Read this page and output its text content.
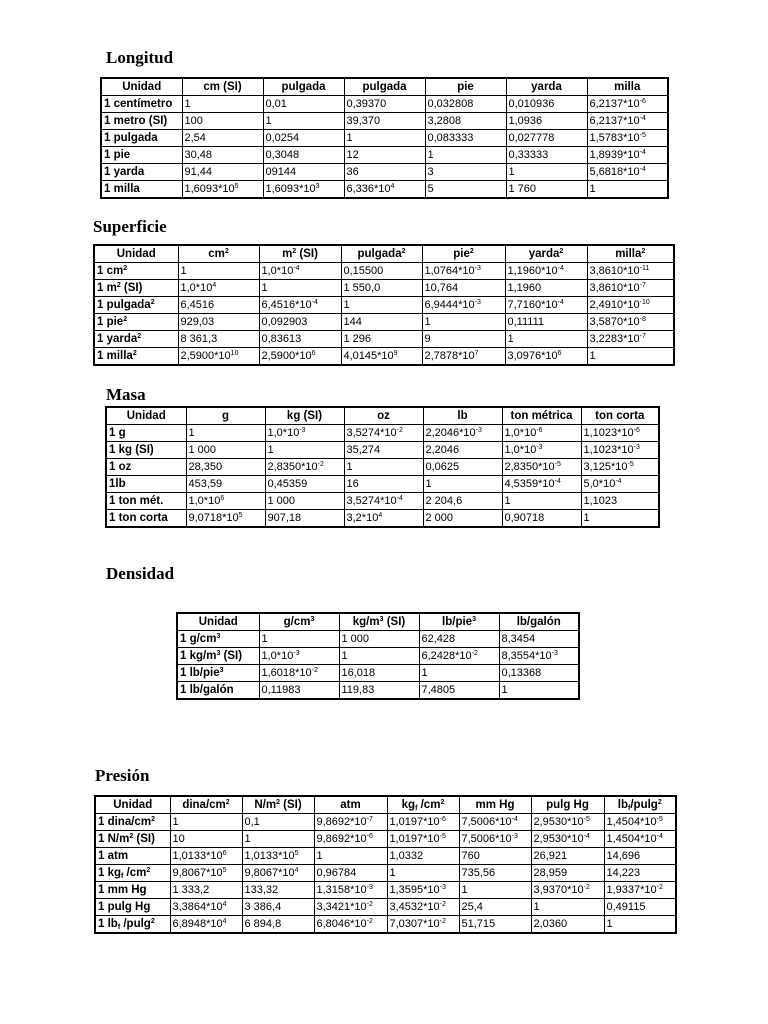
Longitud
Unidad	cm (SI)	pulgada	pulgada	pie	yarda	milla
1 centímetro	1	0,01	0,39370	0,032808	0,010936	$6,2137*10^{-6}$
1 metro (SI)	100	1	39,370	3,2808	1,0936	$6,2137*10^{-4}$
1 pulgada	2,54	0,0254	1	0,083333	0,027778	$1,5783*10^{-5}$
1 pie	30,48	0,3048	12	1	0,33333	$1,8939*10^{-4}$
1 yarda	91,44	09144	36	3	1	$5,6818*10^{-4}$
1 milla	$1,6093*10^5$	$1,6093*10^3$	$6,336*10^4$	5	1 760	1
Superficie
Unidad	$cm^2$	$m^2$ (SI)	pulgada$^2$	pie$^2$	yarda$^2$	milla$^2$
1 $cm^2$	1	$1,0*10^{-4}$	0,15500	$1,0764*10^{-3}$	$1,1960*10^{-4}$	$3,8610*10^{-11}$
1 $m^2$ (SI)	$1,0*10^4$	1	1 550,0	10,764	1,1960	$3,8610*10^{-7}$
1 pulgada$^2$	6,4516	$6,4516*10^{-4}$	1	$6,9444*10^{-3}$	$7,7160*10^{-4}$	$2,4910*10^{-10}$
1 pie$^2$	929,03	0,092903	144	1	0,11111	$3,5870*10^{-8}$
1 yarda$^2$	8 361,3	0,83613	1 296	9	1	$3,2283*10^{-7}$
1 milla$^2$	$2,5900*10^{10}$	$2,5900*10^6$	$4,0145*10^9$	$2,7878*10^7$	$3,0976*10^6$	1
Masa
Unidad	g	kg (SI)	oz	lb	ton métrica	ton corta
1 g	1	$1,0*10^{-3}$	$3,5274*10^{-2}$	$2,2046*10^{-3}$	$1,0*10^{-6}$	$1,1023*10^{-6}$
1 kg (SI)	1 000	1	35,274	2,2046	$1,0*10^{-3}$	$1,1023*10^{-3}$
1 oz	28,350	$2,8350*10^{-2}$	1	0,0625	$2,8350*10^{-5}$	$3,125*10^{-5}$
1lb	453,59	0,45359	16	1	$4,5359*10^{-4}$	$5,0*10^{-4}$
1 ton mét.	$1,0*10^6$	1 000	$3,5274*10^{-4}$	2 204,6	1	1,1023
1 ton corta	$9,0718*10^5$	907,18	$3,2*10^4$	2 000	0,90718	1
Densidad
Unidad	$g/cm^3$	$kg/m^3$ (SI)	lb/pie$^3$	lb/galón
1 $g/cm^3$	1	1 000	62,428	8,3454
1 $kg/m^3$ (SI)	$1,0*10^{-3}$	1	$6,2428*10^{-2}$	$8,3554*10^{-3}$
1 lb/pie$^3$	$1,6018*10^{-2}$	16,018	1	0,13368
1 lb/galón	0,11983	119,83	7,4805	1
Presión
Unidad	dina/$cm^2$	$N/m^2$ (SI)	atm	$kg_f$ $/cm^2$	mm Hg	pulg Hg	$lb_f/pulg^2$
1 dina/$cm^2$	1	0,1	$9,8692*10^{-7}$	$1,0197*10^{-6}$	$7,5006*10^{-4}$	$2,9530*10^{-5}$	$1,4504*10^{-5}$
1 $N/m^2$ (SI)	10	1	$9,8692*10^{-6}$	$1,0197*10^{-5}$	$7,5006*10^{-3}$	$2,9530*10^{-4}$	$1,4504*10^{-4}$
1 atm	$1,0133*10^6$	$1,0133*10^5$	1	1,0332	760	26,921	14,696
1 $kg_f$ $/cm^2$	$9,8067*10^5$	$9,8067*10^4$	0,96784	1	735,56	28,959	14,223
1 mm Hg	1 333,2	133,32	$1,3158*10^{-3}$	$1,3595*10^{-3}$	1	$3,9370*10^{-2}$	$1,9337*10^{-2}$
1 pulg Hg	$3,3864*10^4$	3 386,4	$3,3421*10^{-2}$	$3,4532*10^{-2}$	25,4	1	0,49115
1 $lb_f$ /pulg$^2$	$6,8948*10^4$	6 894,8	$6,8046*10^{-2}$	$7,0307*10^{-2}$	51,715	2,0360	1
